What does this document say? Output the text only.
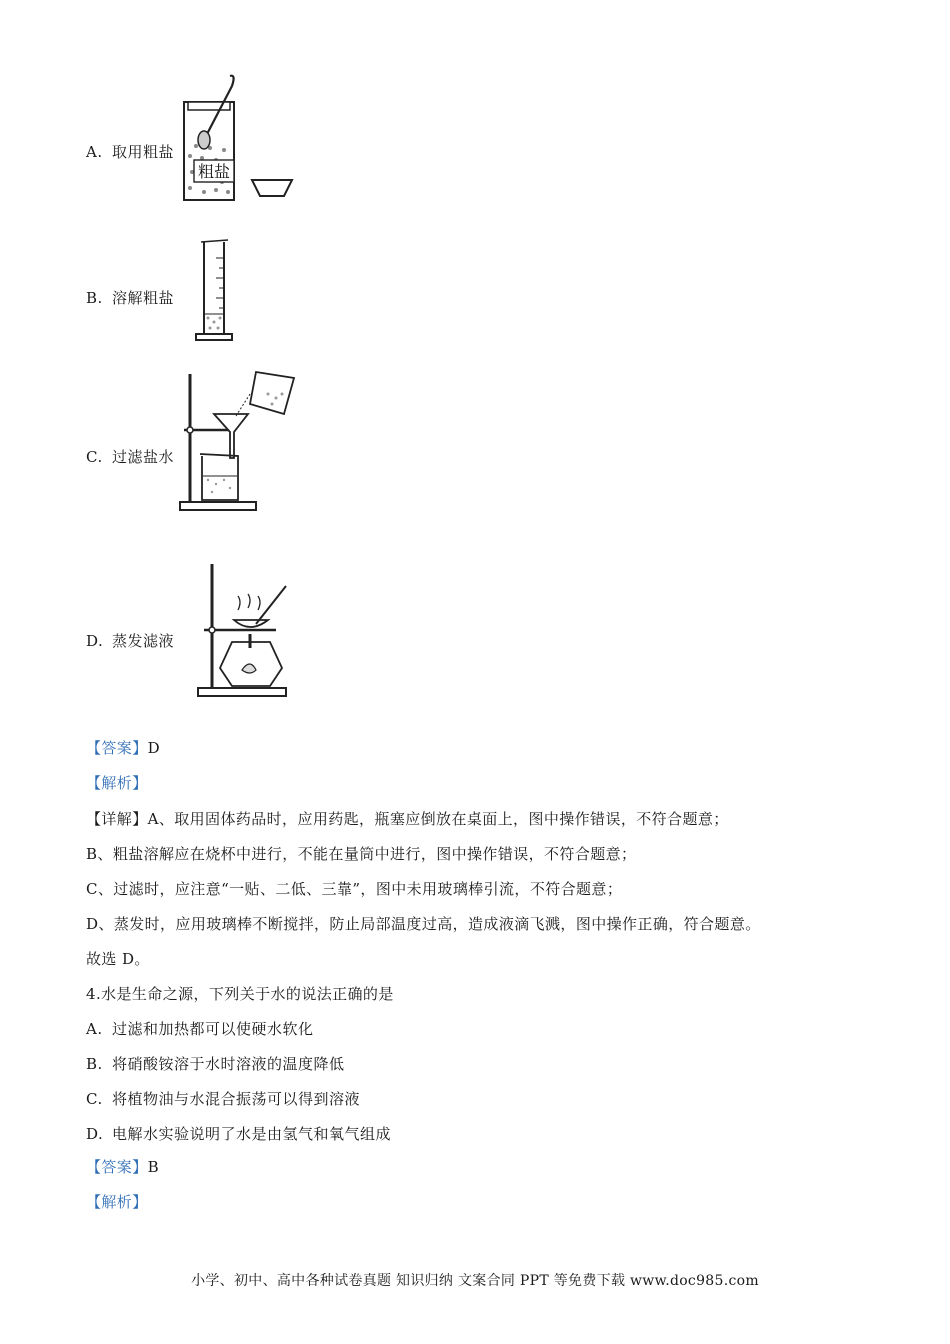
A. 取用粗盐
粗盐
B. 溶解粗盐
C. 过滤盐水
D. 蒸发滤液
【答案】D
【解析】
【详解】A、取用固体药品时，应用药匙，瓶塞应倒放在桌面上，图中操作错误，不符合题意；
B、粗盐溶解应在烧杯中进行，不能在量筒中进行，图中操作错误，不符合题意；
C、过滤时，应注意“一贴、二低、三靠”，图中未用玻璃棒引流，不符合题意；
D、蒸发时，应用玻璃棒不断搅拌，防止局部温度过高，造成液滴飞溅，图中操作正确，符合题意。
故选 D。
4.水是生命之源，下列关于水的说法正确的是
A. 过滤和加热都可以使硬水软化
B. 将硝酸铵溶于水时溶液的温度降低
C. 将植物油与水混合振荡可以得到溶液
D. 电解水实验说明了水是由氢气和氧气组成
【答案】B
【解析】
小学、初中、高中各种试卷真题 知识归纳 文案合同 PPT 等免费下载 www.doc985.com
